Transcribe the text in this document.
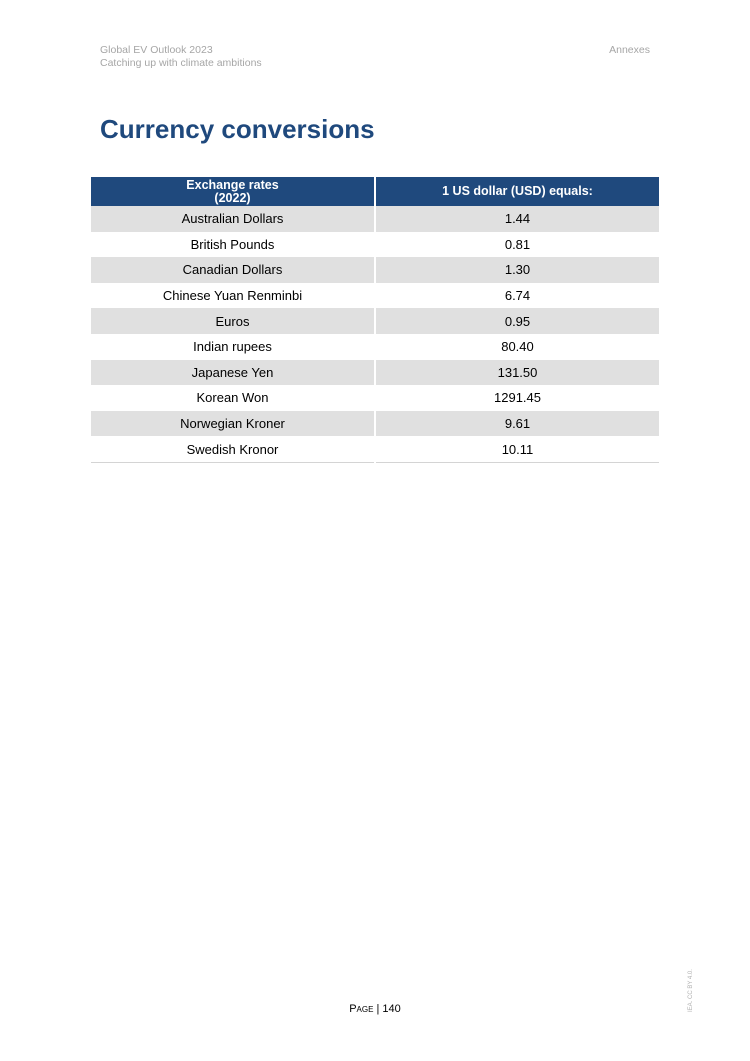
Global EV Outlook 2023
Catching up with climate ambitions
Annexes
Currency conversions
Exchange rates
(2022)	1 US dollar (USD) equals:
Australian Dollars	1.44
British Pounds	0.81
Canadian Dollars	1.30
Chinese Yuan Renminbi	6.74
Euros	0.95
Indian rupees	80.40
Japanese Yen	131.50
Korean Won	1291.45
Norwegian Kroner	9.61
Swedish Kronor	10.11
Page | 140	IEA. CC BY 4.0.
